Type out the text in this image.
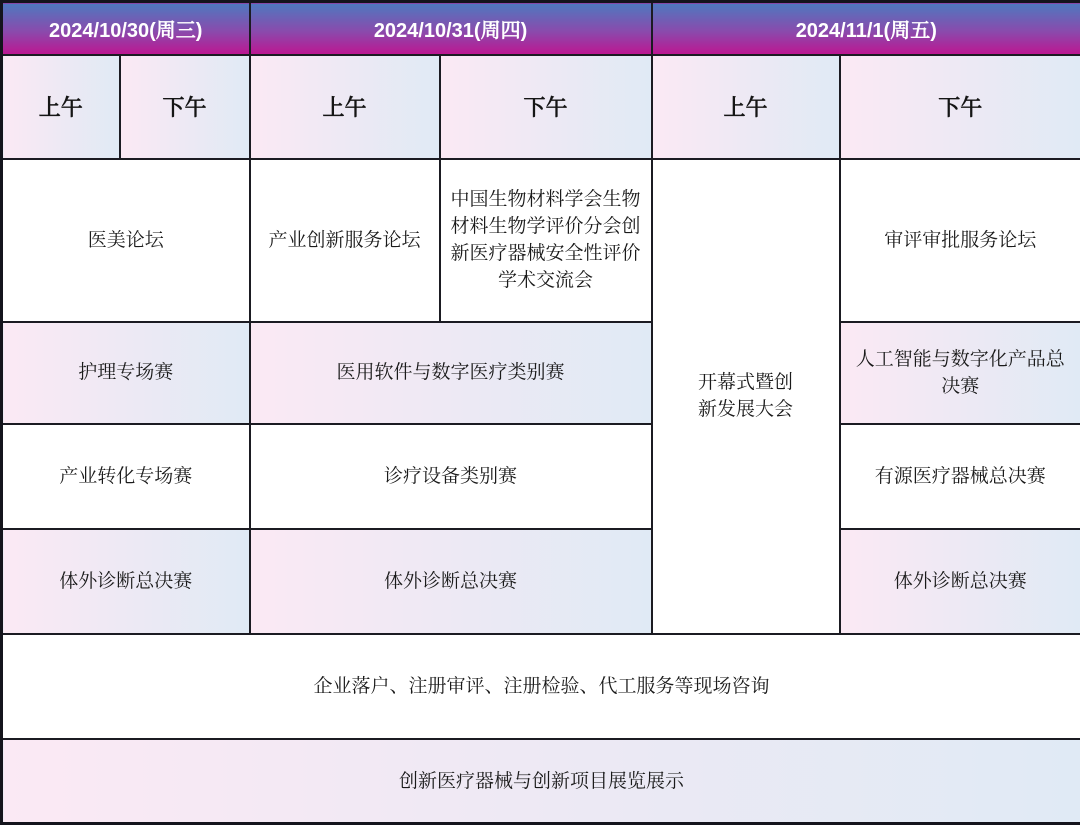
2024/10/30(周三)		2024/10/31(周四)		2024/11/1(周五)	
上午	下午	上午	下午	上午	下午
医美论坛		产业创新服务论坛	中国生物材料学会生物材料生物学评价分会创新医疗器械安全性评价学术交流会	开幕式暨创新发展大会	审评审批服务论坛
护理专场赛		医用软件与数字医疗类别赛			人工智能与数字化产品总决赛
产业转化专场赛		诊疗设备类别赛			有源医疗器械总决赛
体外诊断总决赛		体外诊断总决赛			体外诊断总决赛
企业落户、注册审评、注册检验、代工服务等现场咨询					
创新医疗器械与创新项目展览展示					
